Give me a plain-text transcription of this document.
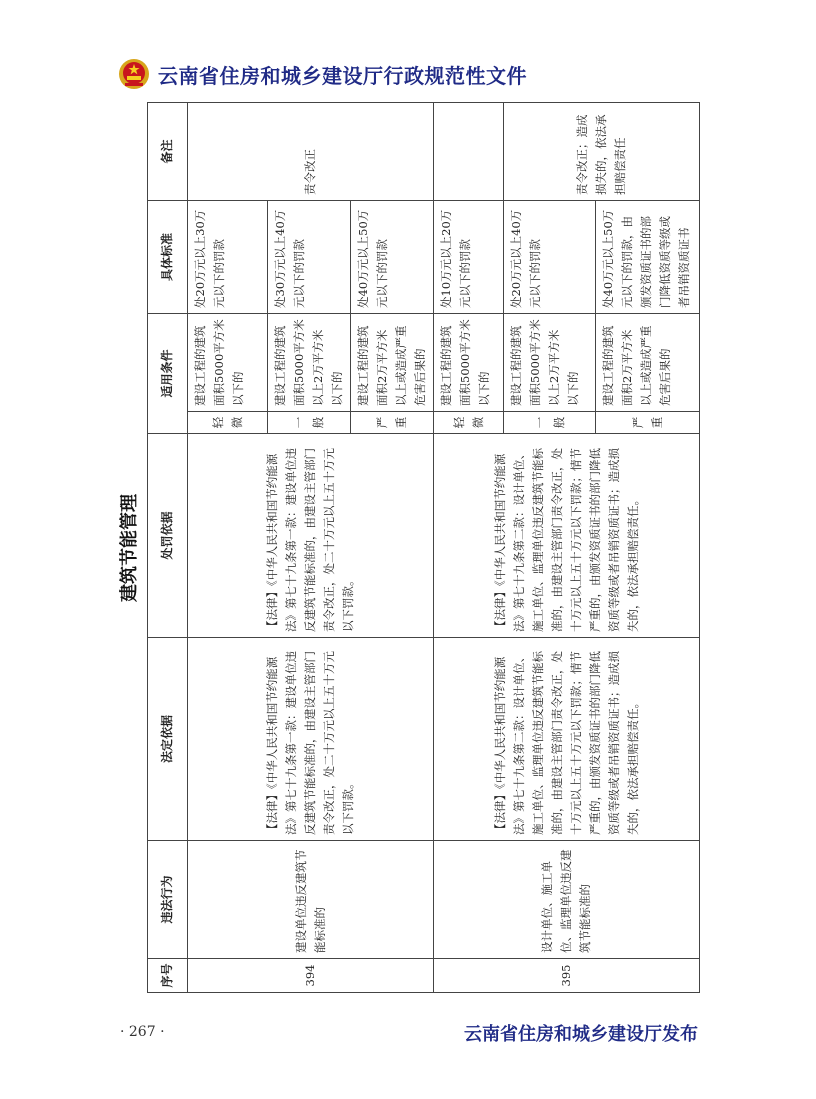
云南省住房和城乡建设厅行政规范性文件
建筑节能管理
序号	违法行为	法定依据	处罚依据	适用条件		具体标准	备注
394	建设单位违反建筑节能标准的	【法律】《中华人民共和国节约能源法》第七十九条第一款：建设单位违反建筑节能标准的，由建设主管部门责令改正，处二十万元以上五十万元以下罚款。	【法律】《中华人民共和国节约能源法》第七十九条第一款：建设单位违反建筑节能标准的，由建设主管部门责令改正，处二十万元以上五十万元以下罚款。	轻微	建设工程的建筑面积5000平方米以下的	处20万元以上30万元以下的罚款	责令改正
				一般	建设工程的建筑面积5000平方米以上2万平方米以下的	处30万元以上40万元以下的罚款	
				严重	建设工程的建筑面积2万平方米以上或造成严重危害后果的	处40万元以上50万元以下的罚款	
395	设计单位、施工单位、监理单位违反建筑节能标准的	【法律】《中华人民共和国节约能源法》第七十九条第二款：设计单位、施工单位、监理单位违反建筑节能标准的，由建设主管部门责令改正，处十万元以上五十万元以下罚款；情节严重的，由颁发资质证书的部门降低资质等级或者吊销资质证书；造成损失的，依法承担赔偿责任。	【法律】《中华人民共和国节约能源法》第七十九条第二款：设计单位、施工单位、监理单位违反建筑节能标准的，由建设主管部门责令改正，处十万元以上五十万元以下罚款；情节严重的，由颁发资质证书的部门降低资质等级或者吊销资质证书；造成损失的，依法承担赔偿责任。	轻微	建设工程的建筑面积5000平方米以下的	处10万元以上20万元以下的罚款	
				一般	建设工程的建筑面积5000平方米以上2万平方米以下的	处20万元以上40万元以下的罚款	责令改正；造成损失的，依法承担赔偿责任
				严重	建设工程的建筑面积2万平方米以上或造成严重危害后果的	处40万元以上50万元以下的罚款，由颁发资质证书的部门降低资质等级或者吊销资质证书	
· 267 ·	云南省住房和城乡建设厅发布
